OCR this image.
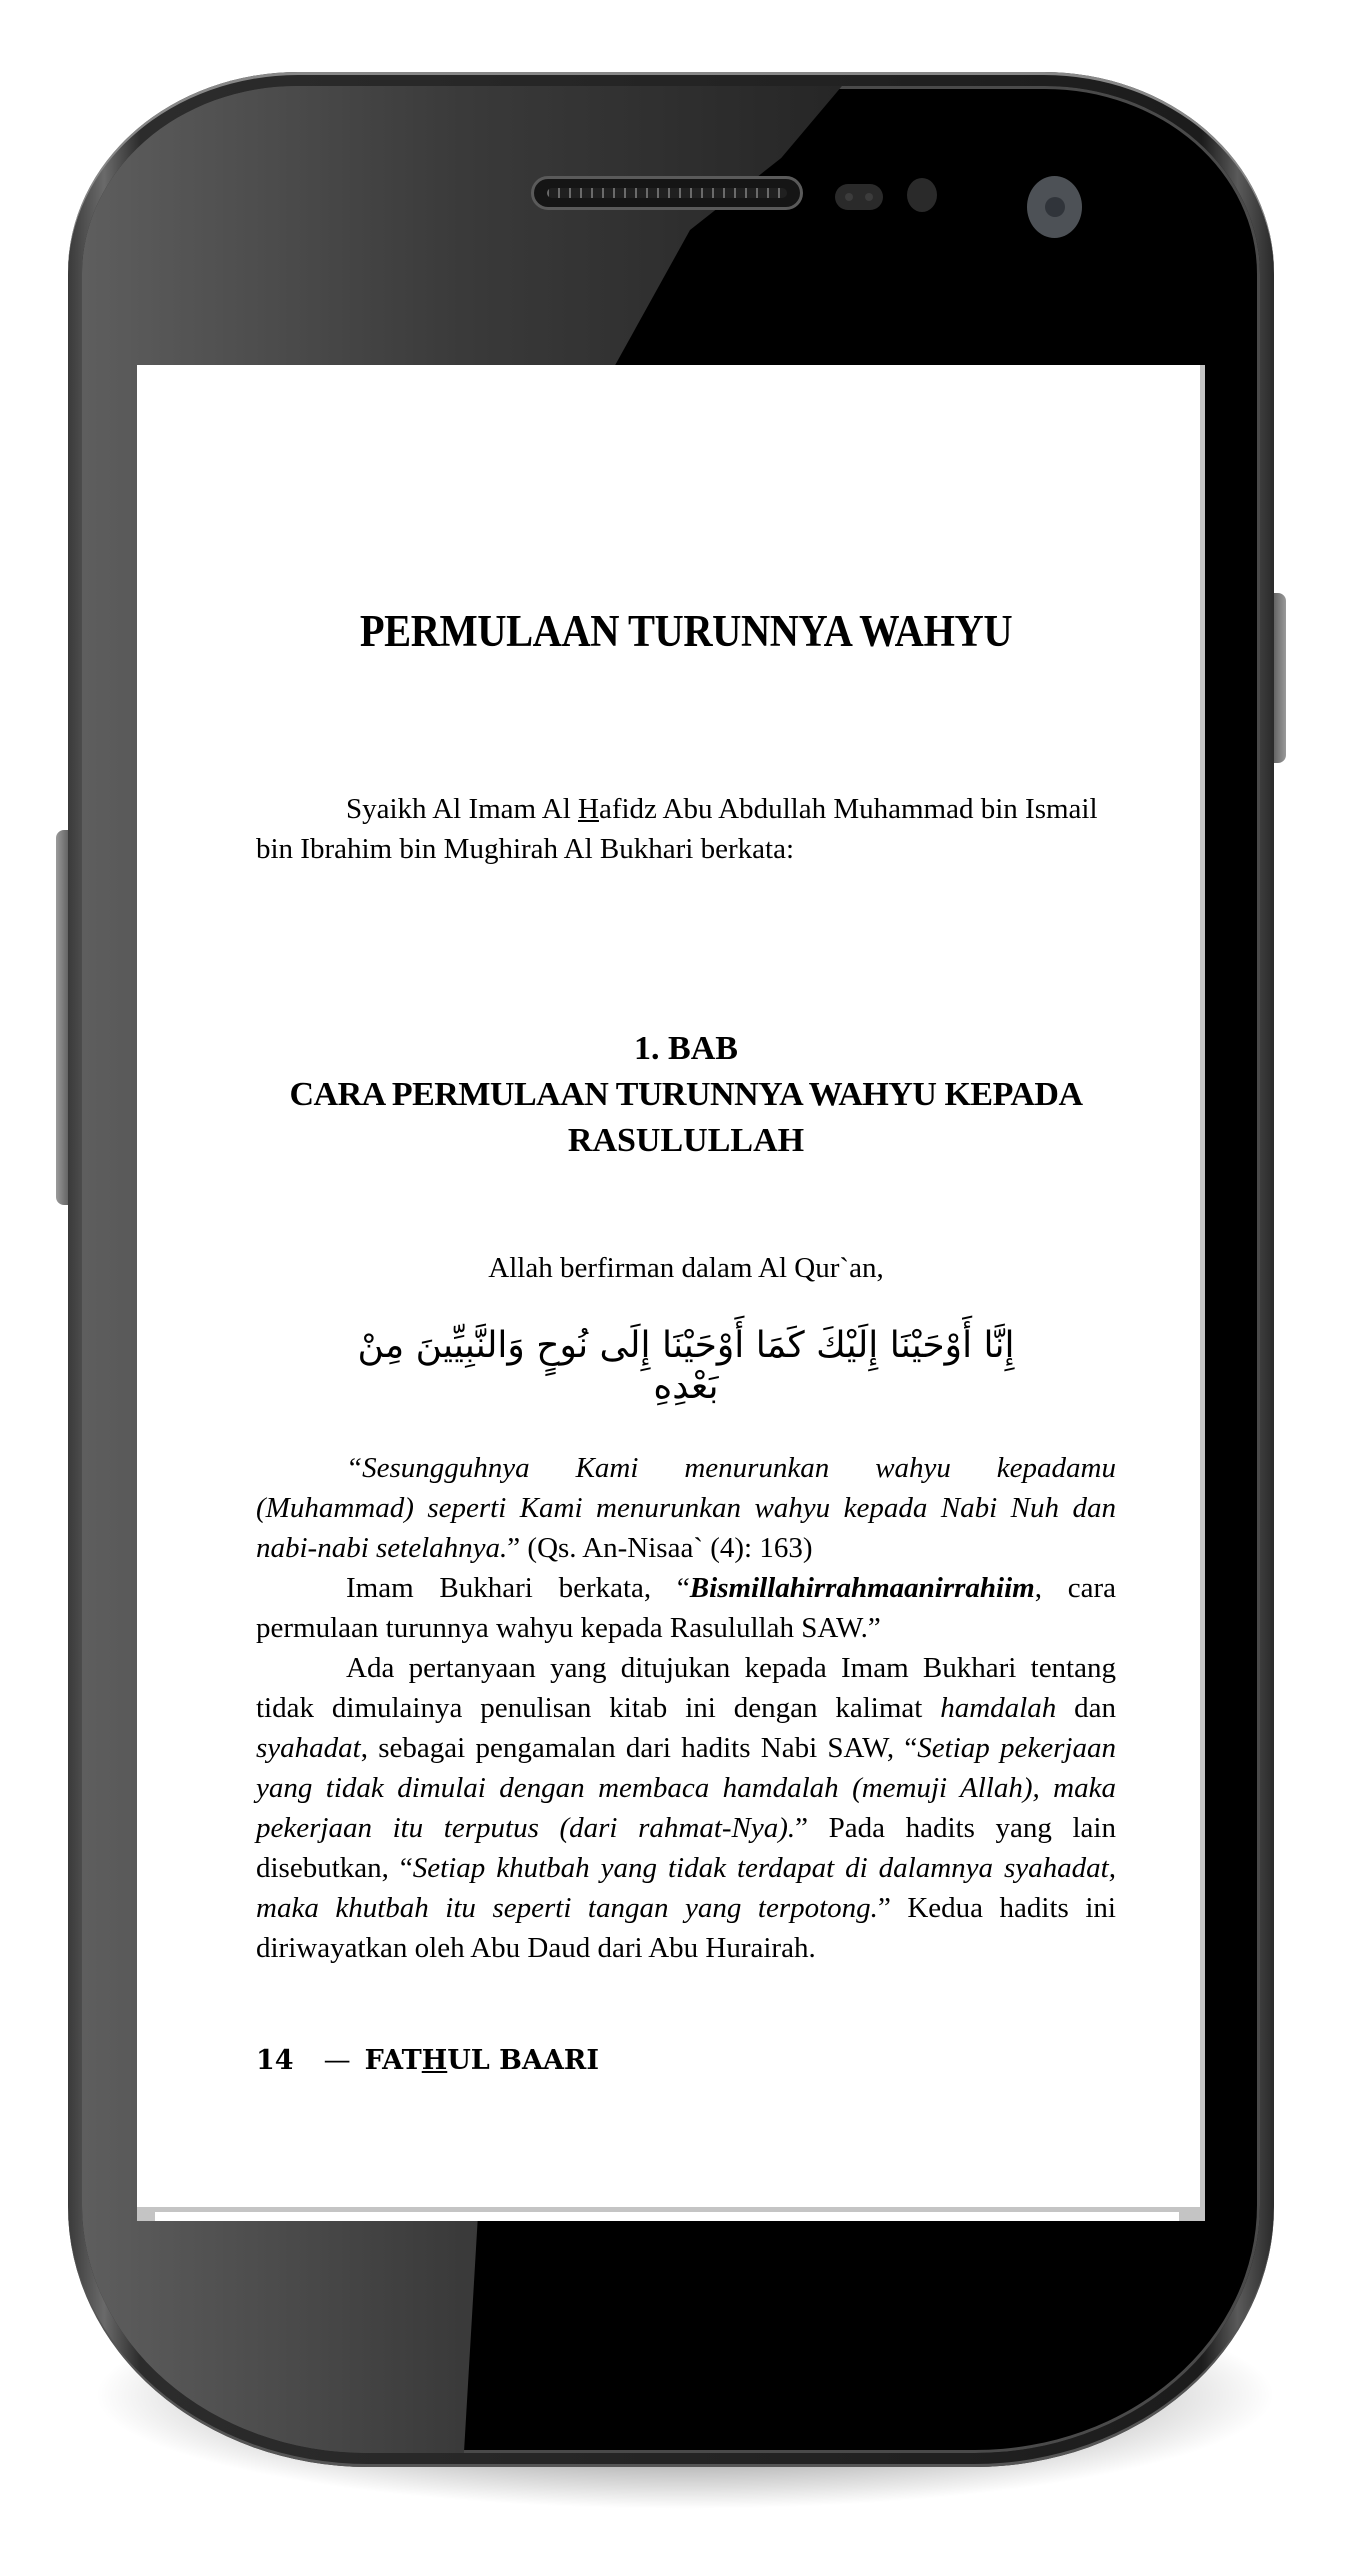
PERMULAAN TURUNNYA WAHYU
Syaikh Al Imam Al Hafidz Abu Abdullah Muhammad bin Ismail
bin Ibrahim bin Mughirah Al Bukhari berkata:
1. BAB
CARA PERMULAAN TURUNNYA WAHYU KEPADA
RASULULLAH
Allah berfirman dalam Al Qur`an,
إِنَّا أَوْحَيْنَا إِلَيْكَ كَمَا أَوْحَيْنَا إِلَى نُوحٍ وَالنَّبِيِّينَ مِنْ بَعْدِهِ
“Sesungguhnya Kami menurunkan wahyu kepadamu
(Muhammad) seperti Kami menurunkan wahyu kepada Nabi Nuh dan
nabi-nabi setelahnya.” (Qs. An-Nisaa` (4): 163)
Imam Bukhari berkata, “Bismillahirrahmaanirrahiim, cara
permulaan turunnya wahyu kepada Rasulullah SAW.”
Ada pertanyaan yang ditujukan kepada Imam Bukhari tentang
tidak dimulainya penulisan kitab ini dengan kalimat hamdalah dan
syahadat, sebagai pengamalan dari hadits Nabi SAW, “Setiap pekerjaan
yang tidak dimulai dengan membaca hamdalah (memuji Allah), maka
pekerjaan itu terputus (dari rahmat-Nya).” Pada hadits yang lain
disebutkan, “Setiap khutbah yang tidak terdapat di dalamnya syahadat,
maka khutbah itu seperti tangan yang terpotong.” Kedua hadits ini
diriwayatkan oleh Abu Daud dari Abu Hurairah.
14 — FATHUL BAARI
